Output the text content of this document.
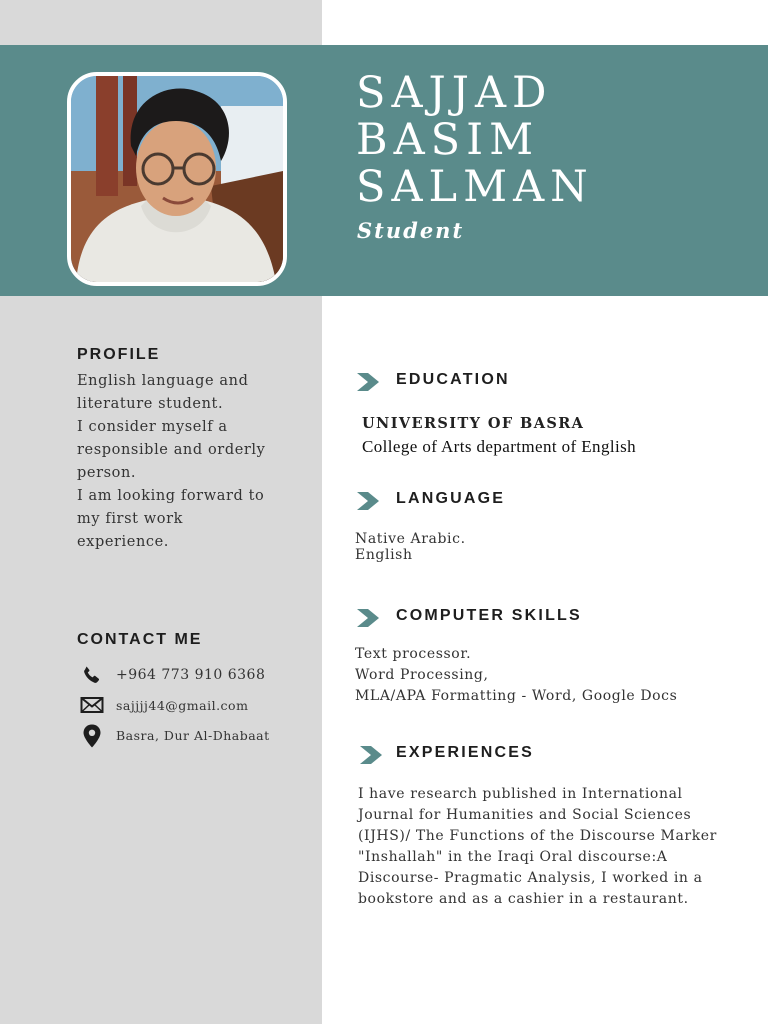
SAJJAD
BASIM
SALMAN
Student
PROFILE
English language and
literature student.
I consider myself a
responsible and orderly
person.
I am looking forward to
my first work
experience.
CONTACT ME
+964 773 910 6368
sajjjj44@gmail.com
Basra, Dur Al-Dhabaat
EDUCATION
UNIVERSITY OF BASRA
College of Arts department of English
LANGUAGE
Native Arabic.
English
COMPUTER SKILLS
Text processor.
Word Processing,
MLA/APA Formatting - Word, Google Docs
EXPERIENCES
I have research published in International
Journal for Humanities and Social Sciences
(IJHS)/ The Functions of the Discourse Marker
"Inshallah" in the Iraqi Oral discourse:A
Discourse- Pragmatic Analysis, I worked in a
bookstore and as a cashier in a restaurant.
